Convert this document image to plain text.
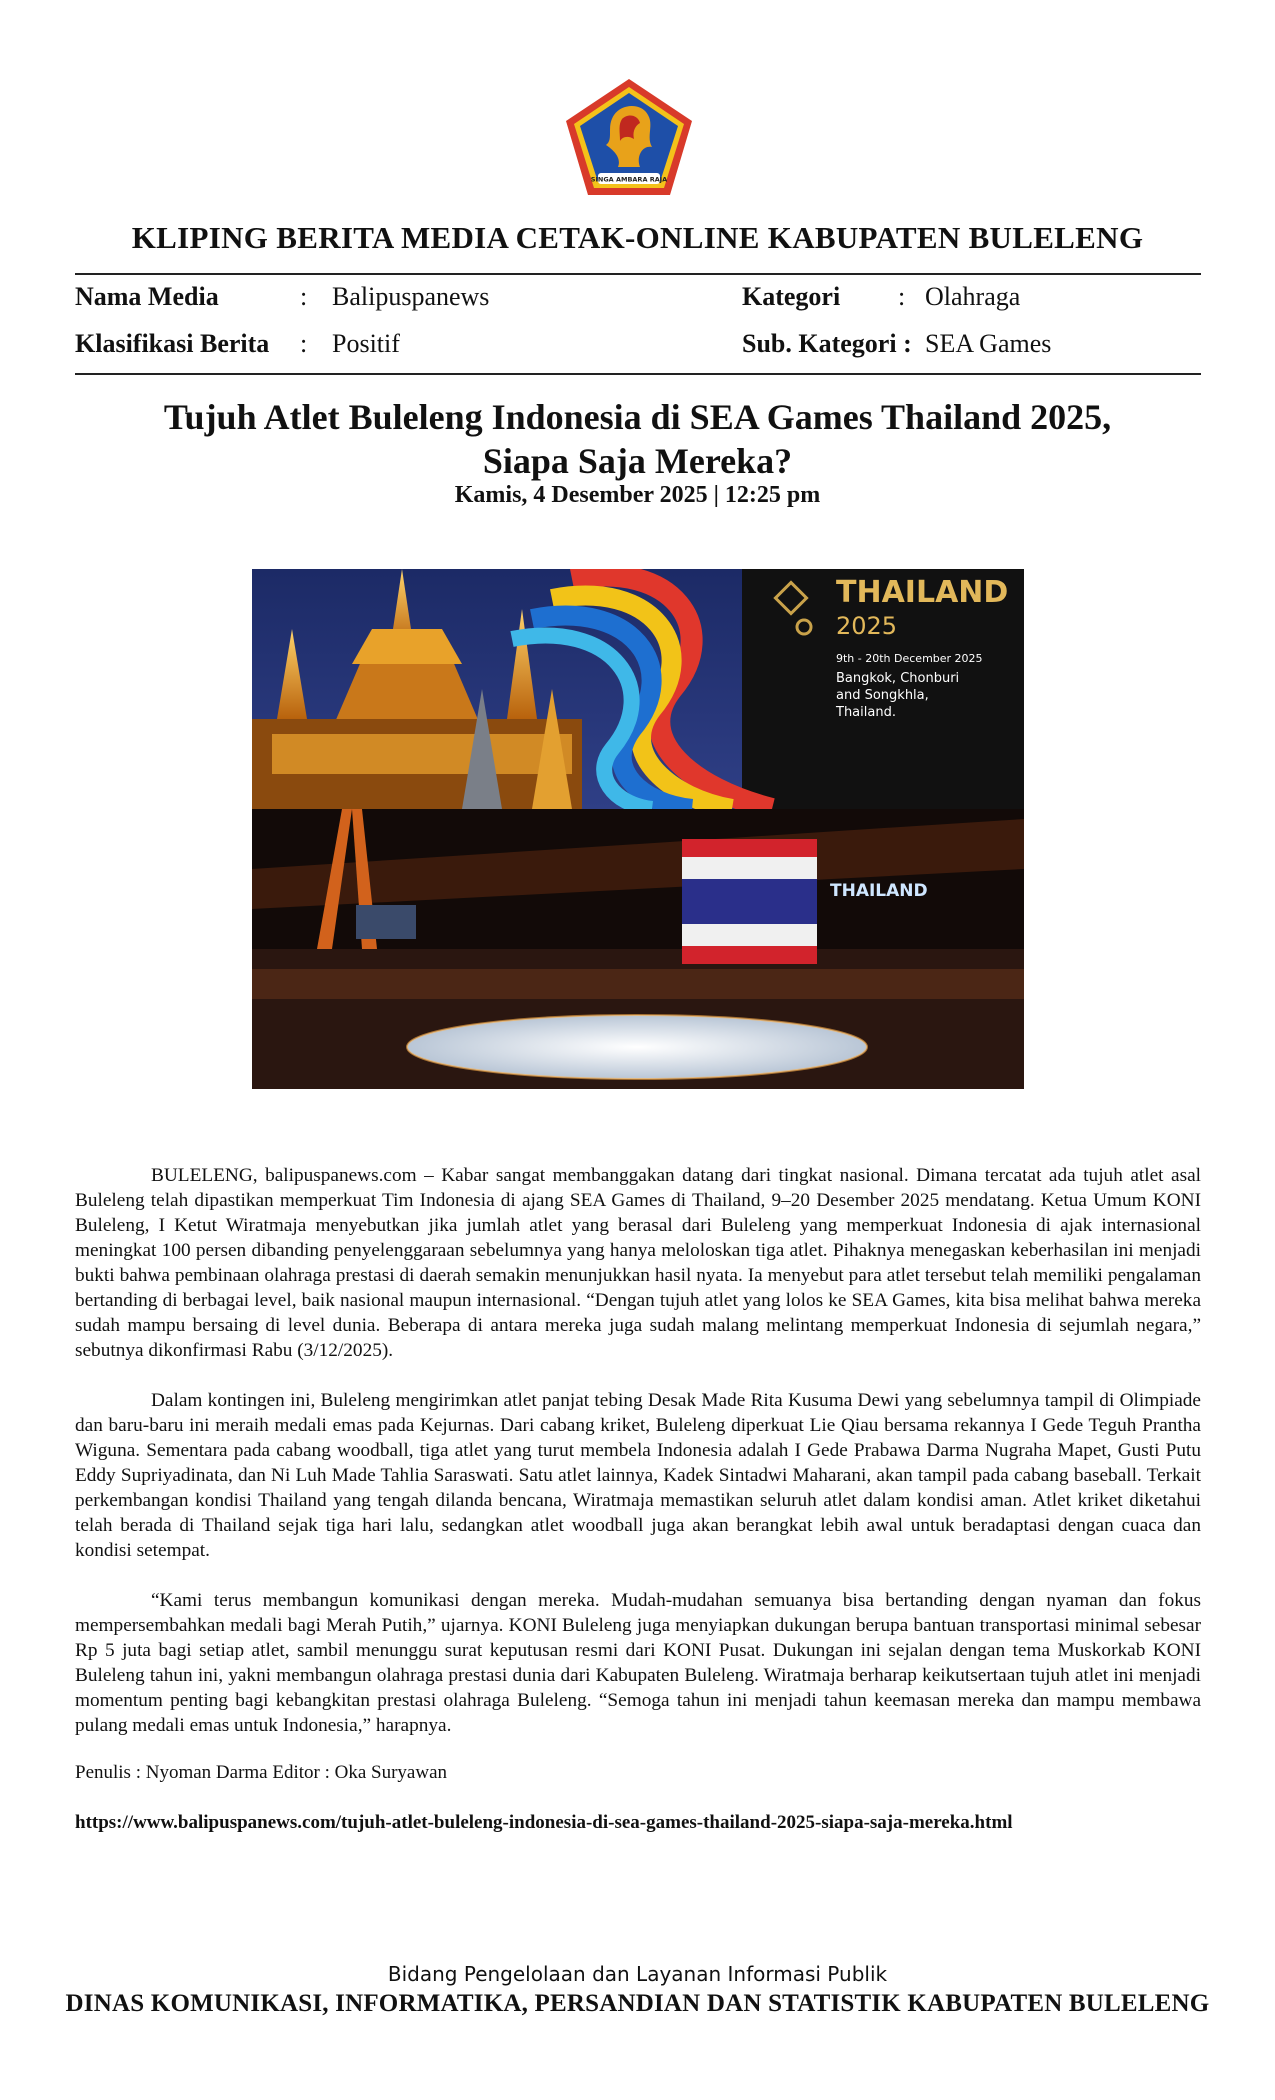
SINGA AMBARA RAJA
KLIPING BERITA MEDIA CETAK-ONLINE KABUPATEN BULELENG
Nama Media	: Balipuspanews	Kategori : Olahraga
Klasifikasi Berita : Positif	Sub. Kategori : SEA Games
Tujuh Atlet Buleleng Indonesia di SEA Games Thailand 2025,
Siapa Saja Mereka?
Kamis, 4 Desember 2025 | 12:25 pm
THAILAND
2025
9th - 20th December 2025
Bangkok, Chonburi
and Songkhla,
Thailand.
THAILAND

BULELENG, balipuspanews.com – Kabar sangat membanggakan datang dari tingkat nasional. Dimana tercatat ada tujuh atlet asal Buleleng telah dipastikan memperkuat Tim Indonesia di ajang SEA Games di Thailand, 9–20 Desember 2025 mendatang. Ketua Umum KONI Buleleng, I Ketut Wiratmaja menyebutkan jika jumlah atlet yang berasal dari Buleleng yang memperkuat Indonesia di ajak internasional meningkat 100 persen dibanding penyelenggaraan sebelumnya yang hanya meloloskan tiga atlet. Pihaknya menegaskan keberhasilan ini menjadi bukti bahwa pembinaan olahraga prestasi di daerah semakin menunjukkan hasil nyata. Ia menyebut para atlet tersebut telah memiliki pengalaman bertanding di berbagai level, baik nasional maupun internasional. “Dengan tujuh atlet yang lolos ke SEA Games, kita bisa melihat bahwa mereka sudah mampu bersaing di level dunia. Beberapa di antara mereka juga sudah malang melintang memperkuat Indonesia di sejumlah negara,” sebutnya dikonfirmasi Rabu (3/12/2025).

Dalam kontingen ini, Buleleng mengirimkan atlet panjat tebing Desak Made Rita Kusuma Dewi yang sebelumnya tampil di Olimpiade dan baru-baru ini meraih medali emas pada Kejurnas. Dari cabang kriket, Buleleng diperkuat Lie Qiau bersama rekannya I Gede Teguh Prantha Wiguna. Sementara pada cabang woodball, tiga atlet yang turut membela Indonesia adalah I Gede Prabawa Darma Nugraha Mapet, Gusti Putu Eddy Supriyadinata, dan Ni Luh Made Tahlia Saraswati. Satu atlet lainnya, Kadek Sintadwi Maharani, akan tampil pada cabang baseball. Terkait perkembangan kondisi Thailand yang tengah dilanda bencana, Wiratmaja memastikan seluruh atlet dalam kondisi aman. Atlet kriket diketahui telah berada di Thailand sejak tiga hari lalu, sedangkan atlet woodball juga akan berangkat lebih awal untuk beradaptasi dengan cuaca dan kondisi setempat.

“Kami terus membangun komunikasi dengan mereka. Mudah-mudahan semuanya bisa bertanding dengan nyaman dan fokus mempersembahkan medali bagi Merah Putih,” ujarnya. KONI Buleleng juga menyiapkan dukungan berupa bantuan transportasi minimal sebesar Rp 5 juta bagi setiap atlet, sambil menunggu surat keputusan resmi dari KONI Pusat. Dukungan ini sejalan dengan tema Muskorkab KONI Buleleng tahun ini, yakni membangun olahraga prestasi dunia dari Kabupaten Buleleng. Wiratmaja berharap keikutsertaan tujuh atlet ini menjadi momentum penting bagi kebangkitan prestasi olahraga Buleleng. “Semoga tahun ini menjadi tahun keemasan mereka dan mampu membawa pulang medali emas untuk Indonesia,” harapnya.

Penulis : Nyoman Darma Editor : Oka Suryawan
https://www.balipuspanews.com/tujuh-atlet-buleleng-indonesia-di-sea-games-thailand-2025-siapa-saja-mereka.html
Bidang Pengelolaan dan Layanan Informasi Publik
DINAS KOMUNIKASI, INFORMATIKA, PERSANDIAN DAN STATISTIK KABUPATEN BULELENG
